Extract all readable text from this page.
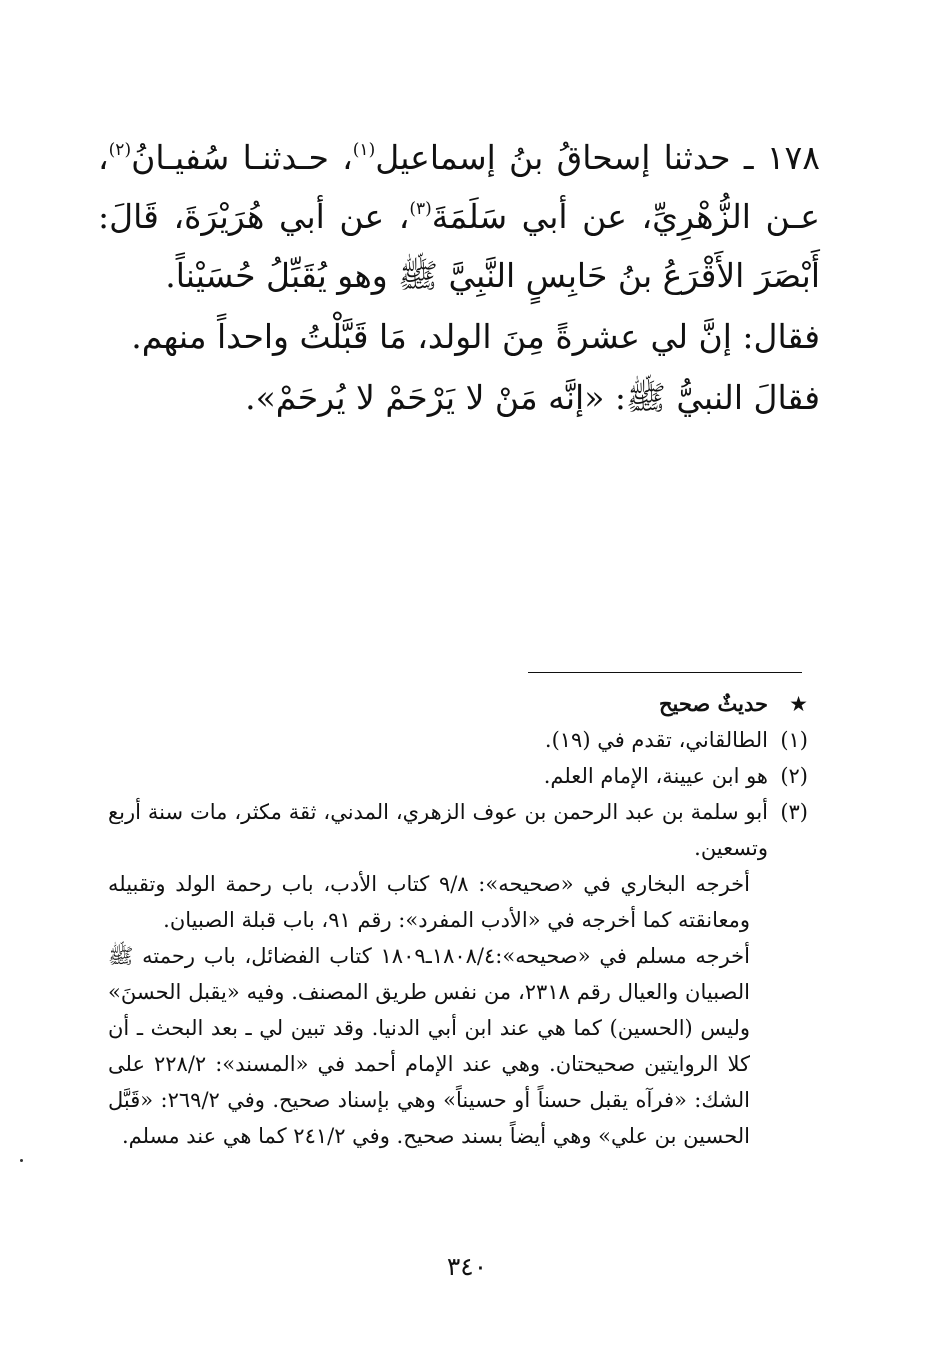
١٧٨ ـ حدثنا إسحاقُ بنُ إسماعيل$^{(١)}$، حـدثنـا سُفيـانُ$^{(٢)}$، عـن الزُّهْرِيِّ، عن أبي سَلَمَةَ$^{(٣)}$، عن أبي هُرَيْرَةَ، قَالَ: أَبْصَرَ الأَقْرَعُ بنُ حَابِسٍ النَّبِيَّ ﷺ وهو يُقَبِّلُ حُسَيْناً.

فقال: إنَّ لي عشرةً مِنَ الولد، مَا قَبَّلْتُ واحداً منهم.

فقالَ النبيُّ ﷺ: «إنَّه مَنْ لا يَرْحَمْ لا يُرحَمْ».

★
حديثٌ صحيح
(١)
الطالقاني، تقدم في (١٩).
(٢)
هو ابن عيينة، الإمام العلم.
(٣)
أبو سلمة بن عبد الرحمن بن عوف الزهري، المدني، ثقة مكثر، مات سنة أربع وتسعين.
أخرجه البخاري في «صحيحه»: ٩/٨ كتاب الأدب، باب رحمة الولد وتقبيله ومعانقته كما أخرجه في «الأدب المفرد»: رقم ٩١، باب قبلة الصبيان.
أخرجه مسلم في «صحيحه»:١٨٠٨/٤ـ١٨٠٩ كتاب الفضائل، باب رحمته ﷺ الصبيان والعيال رقم ٢٣١٨، من نفس طريق المصنف. وفيه «يقبل الحسنَ» وليس (الحسين) كما هي عند ابن أبي الدنيا. وقد تبين لي ـ بعد البحث ـ أن كلا الروايتين صحيحتان. وهي عند الإمام أحمد في «المسند»: ٢٢٨/٢ على الشك: «فرآه يقبل حسناً أو حسيناً» وهي بإسناد صحيح. وفي ٢٦٩/٢: «قَبَّل الحسين بن علي» وهي أيضاً بسند صحيح. وفي ٢٤١/٢ كما هي عند مسلم.
٣٤٠
